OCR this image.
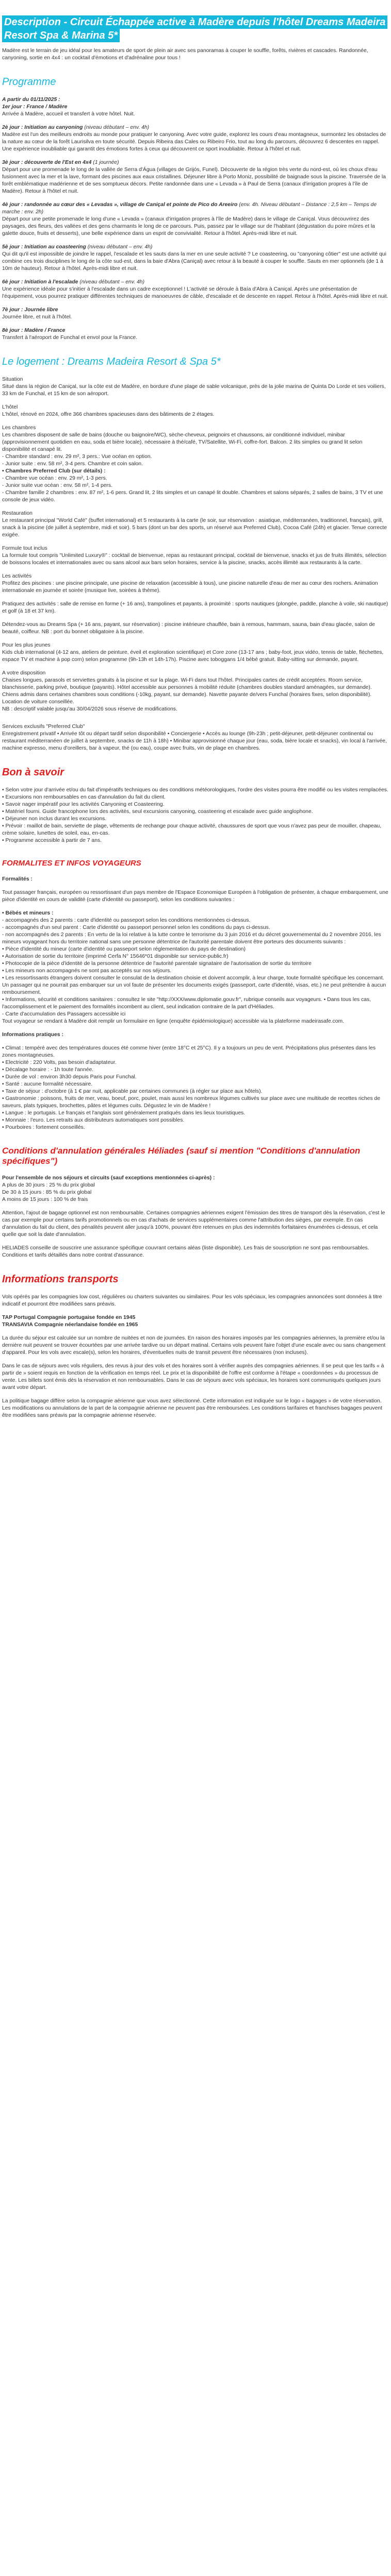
Description - Circuit Échappée active à Madère depuis l'hôtel Dreams Madeira Resort Spa & Marina 5*

Madère est le terrain de jeu idéal pour les amateurs de sport de plein air avec ses panoramas à couper le souffle, forêts, rivières et cascades. Randonnée, canyoning, sortie en 4x4 : un cocktail d'émotions et d'adrénaline pour tous !

Programme
A partir du 01/11/2025 :
1er jour : France / Madère
Arrivée à Madère, accueil et transfert à votre hôtel. Nuit.
2è jour : Initiation au canyoning (niveau débutant – env. 4h)
Madère est l'un des meilleurs endroits au monde pour pratiquer le canyoning. Avec votre guide, explorez les cours d'eau montagneux, surmontez les obstacles de la nature au cœur de la forêt Laurisilva en toute sécurité. Depuis Ribeira das Cales ou Ribeiro Frio, tout au long du parcours, découvrez 6 descentes en rappel. Une expérience inoubliable qui garantit des émotions fortes à ceux qui découvrent ce sport inoubliable. Retour à l'hôtel et nuit.
3è jour : découverte de l'Est en 4x4 (1 journée)
Départ pour une promenade le long de la vallée de Serra d'Água (villages de Grijós, Funel). Découverte de la région très verte du nord-est, où les choux d'eau fusionnent avec la mer et la lave, formant des piscines aux eaux cristallines. Déjeuner libre à Porto Moniz, possibilité de baignade sous la piscine. Traversée de la forêt emblématique madérienne et de ses somptueux décors. Petite randonnée dans une « Levada » à Paul de Serra (canaux d'irrigation propres à l'île de Madère). Retour à l'hôtel et nuit.
4è jour : randonnée au cœur des « Levadas », village de Caniçal et pointe de Pico do Areeiro (env. 4h. Niveau débutant – Distance : 2,5 km – Temps de marche : env. 2h)
Départ pour une petite promenade le long d'une « Levada » (canaux d'irrigation propres à l'île de Madère) dans le village de Caniçal. Vous découvrirez des paysages, des fleurs, des vallées et des gens charmants le long de ce parcours. Puis, passez par le village sur de l'habitant (dégustation du poire mûres et la galette douce, fruits et desserts), une belle expérience dans un esprit de convivialité. Retour à l'hôtel. Après-midi libre et nuit.
5è jour : Initiation au coasteering (niveau débutant – env. 4h)
Qui dit qu'il est impossible de joindre le rappel, l'escalade et les sauts dans la mer en une seule activité ? Le coasteering, ou "canyoning côtier" est une activité qui combine ces trois disciplines le long de la côte sud-est, dans la baie d'Abra (Caniçal) avec retour à la beauté à couper le souffle. Sauts en mer optionnels (de 1 à 10m de hauteur). Retour à l'hôtel. Après-midi libre et nuit.
6è jour : Initiation à l'escalade (niveau débutant – env. 4h)
Une expérience idéale pour s'initier à l'escalade dans un cadre exceptionnel ! L'activité se déroule à Baía d'Abra à Caniçal. Après une présentation de l'équipement, vous pourrez pratiquer différentes techniques de manoeuvres de câble, d'escalade et de descente en rappel. Retour à l'hôtel. Après-midi libre et nuit.
7è jour : Journée libre
Journée libre, et nuit à l'hôtel.
8è jour : Madère / France
Transfert à l'aéroport de Funchal et envol pour la France.
Le logement : Dreams Madeira Resort & Spa 5*
Situation
Situé dans la région de Caniçal, sur la côte est de Madère, en bordure d'une plage de sable volcanique, près de la jolie marina de Quinta Do Lorde et ses voiliers, 33 km de Funchal, et 15 km de son aéroport.
L'hôtel
L'hôtel, rénové en 2024, offre 366 chambres spacieuses dans des bâtiments de 2 étages.
Les chambres
Les chambres disposent de salle de bains (douche ou baignoire/WC), sèche-cheveux, peignoirs et chaussons, air conditionné individuel, minibar (approvisionnement quotidien en eau, soda et bière locale), nécessaire à thé/café, TV/Satellite, Wi-Fi, coffre-fort. Balcon. 2 lits simples ou grand lit selon disponibilité et canapé lit.
- Chambre standard : env. 29 m², 3 pers.: Vue océan en option.
- Junior suite : env. 58 m², 3-4 pers. Chambre et coin salon.
• Chambres Preferred Club (sur détails) :
- Chambre vue océan : env. 29 m², 1-3 pers.
- Junior suite vue océan : env. 58 m², 1-4 pers.
- Chambre famille 2 chambres : env. 87 m², 1-6 pers. Grand lit, 2 lits simples et un canapé lit double. Chambres et salons séparés, 2 salles de bains, 3 TV et une console de jeux vidéo.
Restauration
Le restaurant principal "World Café" (buffet international) et 5 restaurants à la carte (le soir, sur réservation : asiatique, méditerranéen, traditionnel, français), grill, snack à la piscine (de juillet à septembre, midi et soir). 5 bars (dont un bar des sports, un réservé aux Preferred Club), Cocoa Café (24h) et glacier. Tenue correcte exigée.
Formule tout inclus
La formule tout compris "Unlimited Luxury®" : cocktail de bienvenue, repas au restaurant principal, cocktail de bienvenue, snacks et jus de fruits illimités, sélection de boissons locales et internationales avec ou sans alcool aux bars selon horaires, service à la piscine, snacks, accès illimité aux restaurants à la carte.
Les activités
Profitez des piscines : une piscine principale, une piscine de relaxation (accessible à tous), une piscine naturelle d'eau de mer au cœur des rochers. Animation internationale en journée et soirée (musique live, soirées à thème).

Pratiquez des activités : salle de remise en forme (+ 16 ans), trampolines et payants, à proximité : sports nautiques (plongée, paddle, planche à voile, ski nautique) et golf (à 18 et 37 km).

Détendez-vous au Dreams Spa (+ 16 ans, payant, sur réservation) : piscine intérieure chauffée, bain à remous, hammam, sauna, bain d'eau glacée, salon de beauté, coiffeur. NB : port du bonnet obligatoire à la piscine.

Pour les plus jeunes
Kids club international (4-12 ans, ateliers de peinture, éveil et exploration scientifique) et Core zone (13-17 ans ; baby-foot, jeux vidéo, tennis de table, fléchettes, espace TV et machine à pop corn) selon programme (9h-13h et 14h-17h). Piscine avec toboggans 1/4 bébé gratuit. Baby-sitting sur demande, payant.
A votre disposition
Chaises longues, parasols et serviettes gratuits à la piscine et sur la plage. Wi-Fi dans tout l'hôtel. Principales cartes de crédit acceptées. Room service, blanchisserie, parking privé, boutique (payants). Hôtel accessible aux personnes à mobilité réduite (chambres doubles standard aménagées, sur demande). Chiens admis dans certaines chambres sous conditions (-10kg, payant, sur demande). Navette payante de/vers Funchal (horaires fixes, selon disponibilité). Location de voiture conseillée.
NB : descriptif valable jusqu'au 30/04/2026 sous réserve de modifications.
Services exclusifs "Preferred Club"
Enregistrement privatif • Arrivée tôt ou départ tardif selon disponibilité • Conciergerie • Accès au lounge (9h-23h ; petit-déjeuner, petit-déjeuner continental ou restaurant méditerranéen de juillet à septembre, snacks de 11h à 18h) • Minibar approvisionné chaque jour (eau, soda, bière locale et snacks), vin local à l'arrivée, machine expresso, menu d'oreillers, bar à vapeur, thé (ou eau), coupe avec fruits, vin de plage en chambres.
Bon à savoir
• Selon votre jour d'arrivée et/ou du fait d'impératifs techniques ou des conditions météorologiques, l'ordre des visites pourra être modifié ou les visites remplacées.
• Excursions non remboursables en cas d'annulation du fait du client.
• Savoir nager impératif pour les activités Canyoning et Coasteering.
• Matériel fourni. Guide francophone lors des activités, seul excursions canyoning, coasteering et escalade avec guide anglophone.
• Déjeuner non inclus durant les excursions.
• Prévoir : maillot de bain, serviette de plage, vêtements de rechange pour chaque activité, chaussures de sport que vous n'avez pas peur de mouiller, chapeau, crème solaire, lunettes de soleil, eau, en-cas.
• Programme accessible à partir de 7 ans.
FORMALITES ET INFOS VOYAGEURS

Formalités :

Tout passager français, européen ou ressortissant d'un pays membre de l'Espace Economique Européen à l'obligation de présenter, à chaque embarquement, une pièce d'identité en cours de validité (carte d'identité ou passeport), selon les conditions suivantes :

• Bébés et mineurs :
- accompagnés des 2 parents : carte d'identité ou passeport selon les conditions mentionnées ci-dessus.
- accompagnés d'un seul parent : Carte d'identité ou passeport personnel selon les conditions du pays ci-dessus.
- non accompagnés des 2 parents : En vertu de la loi relative à la lutte contre le terrorisme du 3 juin 2016 et du décret gouvernemental du 2 novembre 2016, les mineurs voyageant hors du territoire national sans une personne détentrice de l'autorité parentale doivent être porteurs des documents suivants :
• Pièce d'identité du mineur (carte d'identité ou passeport selon réglementation du pays de destination)
• Autorisation de sortie du territoire (imprimé Cerfa N° 15646*01 disponible sur service-public.fr)
• Photocopie de la pièce d'identité de la personne détentrice de l'autorité parentale signataire de l'autorisation de sortie du territoire
• Les mineurs non accompagnés ne sont pas acceptés sur nos séjours.
• Les ressortissants étrangers doivent consulter le consulat de la destination choisie et doivent accomplir, à leur charge, toute formalité spécifique les concernant. Un passager qui ne pourrait pas embarquer sur un vol faute de présenter les documents exigés (passeport, carte d'identité, visas, etc.) ne peut prétendre à aucun remboursement.
• Informations, sécurité et conditions sanitaires : consultez le site "http://XXX/www.diplomatie.gouv.fr", rubrique conseils aux voyageurs. • Dans tous les cas, l'accomplissement et le paiement des formalités incombent au client, seul indication contraire de la part d'Héliades.
- Carte d'accumulation des Passagers accessible ici
Tout voyageur se rendant à Madère doit remplir un formulaire en ligne (enquête épidémiologique) accessible via la plateforme madeirasafe.com.

Informations pratiques :

• Climat : tempéré avec des températures douces été comme hiver (entre 18°C et 25°C). Il y a toujours un peu de vent. Précipitations plus présentes dans les zones montagneuses.
• Electricité : 220 Volts, pas besoin d'adaptateur.
• Décalage horaire : - 1h toute l'année.
• Durée de vol : environ 3h30 depuis Paris pour Funchal.
• Santé : aucune formalité nécessaire.
• Taxe de séjour : d'octobre (à 1 € par nuit, applicable par certaines communes (à régler sur place aux hôtels).
• Gastronomie : poissons, fruits de mer, veau, boeuf, porc, poulet, mais aussi les nombreux légumes cultivés sur place avec une multitude de recettes riches de saveurs, plats typiques, brochettes, pâtes et légumes cuits. Dégustez le vin de Madère !
• Langue : le portugais. Le français et l'anglais sont généralement pratiqués dans les lieux touristiques.
• Monnaie : l'euro. Les retraits aux distributeurs automatiques sont possibles.
• Pourboires : fortement conseillés.
Conditions d'annulation générales Héliades (sauf si mention "Conditions d'annulation spécifiques")
Pour l'ensemble de nos séjours et circuits (sauf exceptions mentionnées ci-après) :
A plus de 30 jours : 25 % du prix global
De 30 à 15 jours : 85 % du prix global
A moins de 15 jours : 100 % de frais

Attention, l'ajout de bagage optionnel est non remboursable. Certaines compagnies aériennes exigent l'émission des titres de transport dès la réservation, c'est le cas par exemple pour certains tarifs promotionnels ou en cas d'achats de services supplémentaires comme l'attribution des sièges, par exemple. En cas d'annulation du fait du client, des pénalités peuvent aller jusqu'à 100%, pouvant être retenues en plus des indemnités forfaitaires énumérées ci-dessus, et cela quelle que soit la date d'annulation.

HELIADES conseille de souscrire une assurance spécifique couvrant certains aléas (liste disponible). Les frais de souscription ne sont pas remboursables. Conditions et tarifs détaillés dans notre contrat d'assurance.

Informations transports

Vols opérés par les compagnies low cost, régulières ou charters suivantes ou similaires. Pour les vols spéciaux, les compagnies annoncées sont données à titre indicatif et pourront être modifiées sans préavis.

TAP Portugal Compagnie portugaise fondée en 1945
TRANSAVIA Compagnie néerlandaise fondée en 1965

La durée du séjour est calculée sur un nombre de nuitées et non de journées. En raison des horaires imposés par les compagnies aériennes, la première et/ou la dernière nuit peuvent se trouver écourtées par une arrivée tardive ou un départ matinal. Certains vols peuvent faire l'objet d'une escale avec ou sans changement d'appareil. Pour les vols avec escale(s), selon les horaires, d'éventuelles nuits de transit peuvent être nécessaires (non incluses).

Dans le cas de séjours avec vols réguliers, des revus à jour des vols et des horaires sont à vérifier auprès des compagnies aériennes. Il se peut que les tarifs « à partir de » soient requis en fonction de la vérification en temps réel. Le prix et la disponibilité de l'offre est conforme à l'étape « coordonnées » du processus de vente. Les billets sont émis dès la réservation et non remboursables. Dans le cas de séjours avec vols spéciaux, les horaires sont communiqués quelques jours avant votre départ.

La politique bagage diffère selon la compagnie aérienne que vous avez sélectionné. Cette information est indiquée sur le logo « bagages » de votre réservation. Les modifications ou annulations de la part de la compagnie aérienne ne peuvent pas être remboursées. Les conditions tarifaires et franchises bagages peuvent être modifiées sans préavis par la compagnie aérienne réservée.
